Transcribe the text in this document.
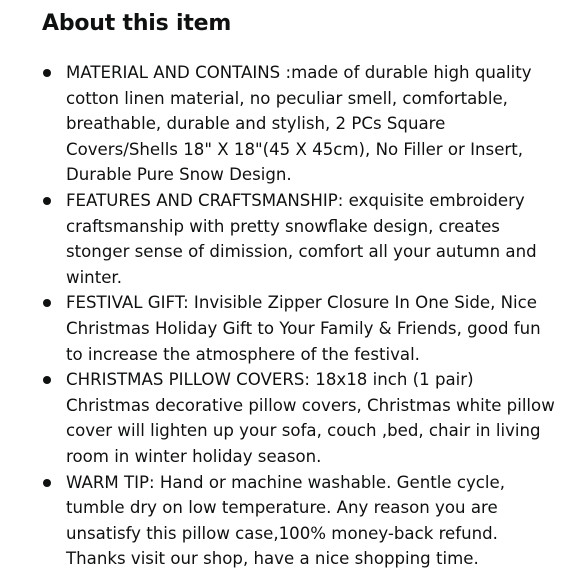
About this item
MATERIAL AND CONTAINS :made of durable high quality cotton linen material, no peculiar smell, comfortable, breathable, durable and stylish, 2 PCs Square Covers/Shells 18" X 18"(45 X 45cm), No Filler or Insert, Durable Pure Snow Design.
FEATURES AND CRAFTSMANSHIP: exquisite embroidery craftsmanship with pretty snowflake design, creates stonger sense of dimission, comfort all your autumn and winter.
FESTIVAL GIFT: Invisible Zipper Closure In One Side, Nice Christmas Holiday Gift to Your Family & Friends, good fun to increase the atmosphere of the festival.
CHRISTMAS PILLOW COVERS: 18x18 inch (1 pair) Christmas decorative pillow covers, Christmas white pillow cover will lighten up your sofa, couch ,bed, chair in living room in winter holiday season.
WARM TIP: Hand or machine washable. Gentle cycle, tumble dry on low temperature. Any reason you are unsatisfy this pillow case,100% money-back refund. Thanks visit our shop, have a nice shopping time.
